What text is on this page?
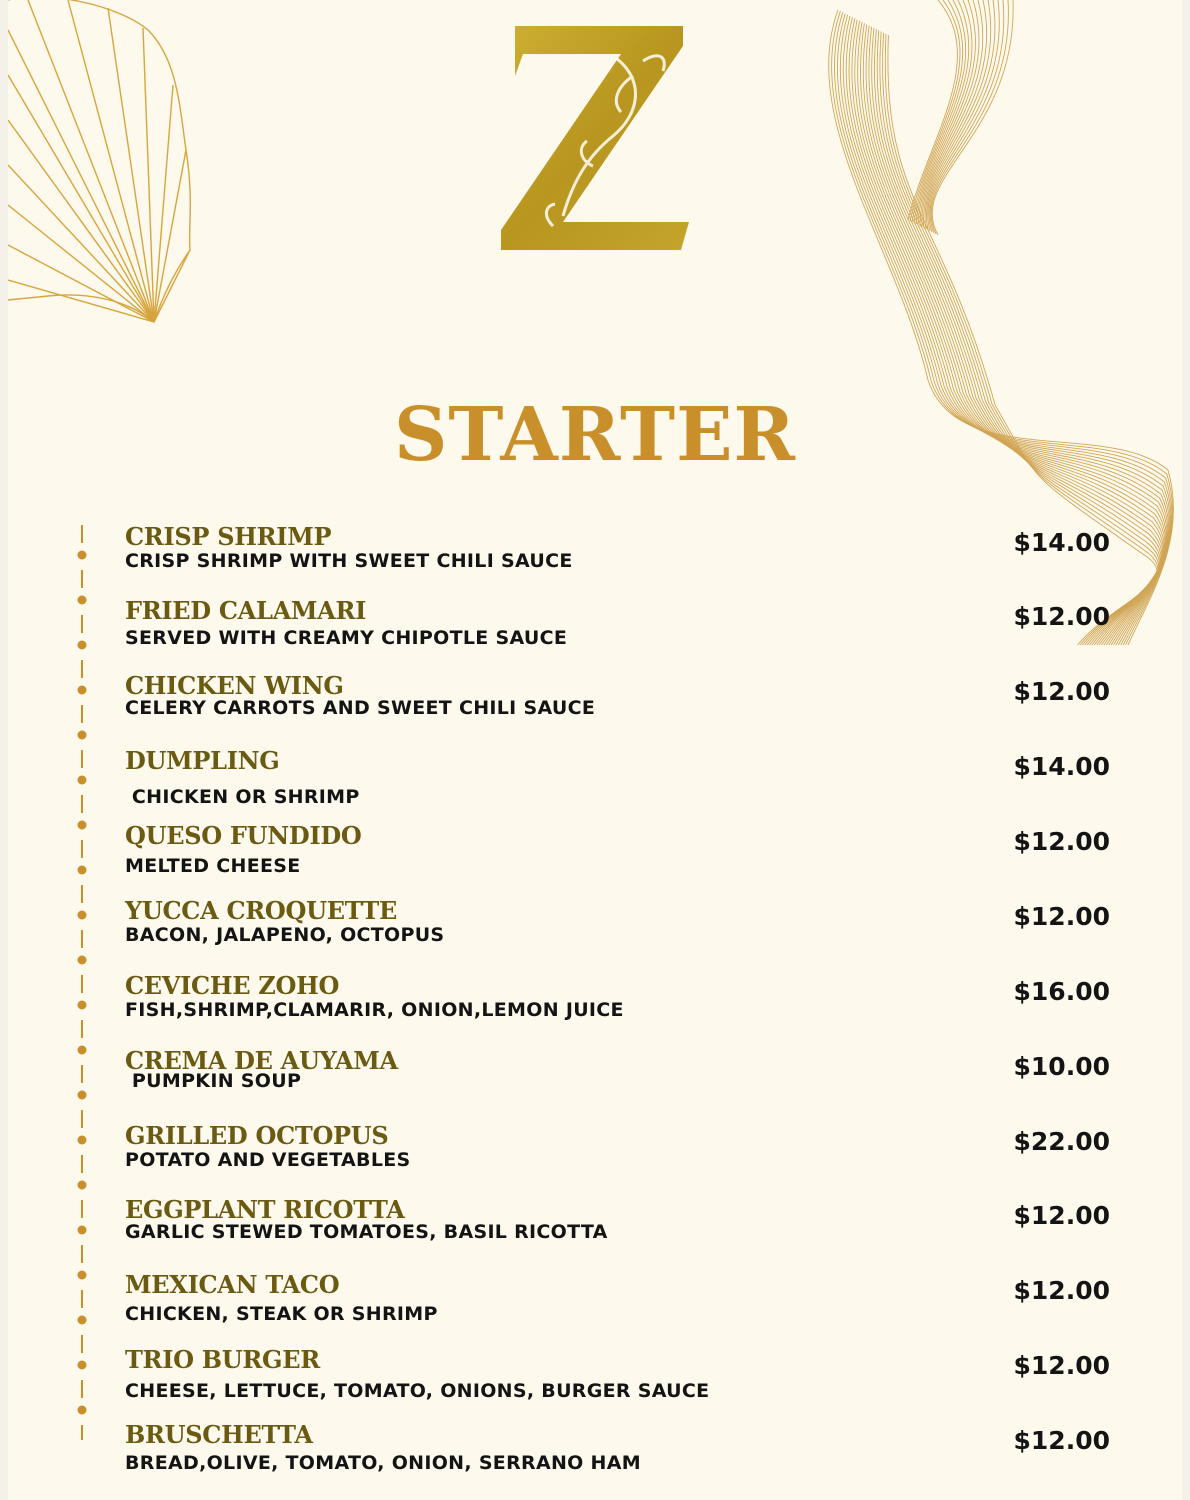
STARTER
CRISP SHRIMP
CRISP SHRIMP WITH SWEET CHILI SAUCE
$14.00
FRIED CALAMARI
SERVED WITH CREAMY CHIPOTLE SAUCE
$12.00
CHICKEN WING
CELERY CARROTS AND SWEET CHILI SAUCE
$12.00
DUMPLING
CHICKEN OR SHRIMP
$14.00
QUESO FUNDIDO
MELTED CHEESE
$12.00
YUCCA CROQUETTE
BACON, JALAPENO, OCTOPUS
$12.00
CEVICHE ZOHO
FISH,SHRIMP,CLAMARIR, ONION,LEMON JUICE
$16.00
CREMA DE AUYAMA
PUMPKIN SOUP	$10.00
GRILLED OCTOPUS
POTATO AND VEGETABLES
$22.00
EGGPLANT RICOTTA
GARLIC STEWED TOMATOES, BASIL RICOTTA
$12.00
MEXICAN TACO
CHICKEN, STEAK OR SHRIMP
$12.00
TRIO BURGER
CHEESE, LETTUCE, TOMATO, ONIONS, BURGER SAUCE
$12.00
BRUSCHETTA
BREAD,OLIVE, TOMATO, ONION, SERRANO HAM
$12.00
